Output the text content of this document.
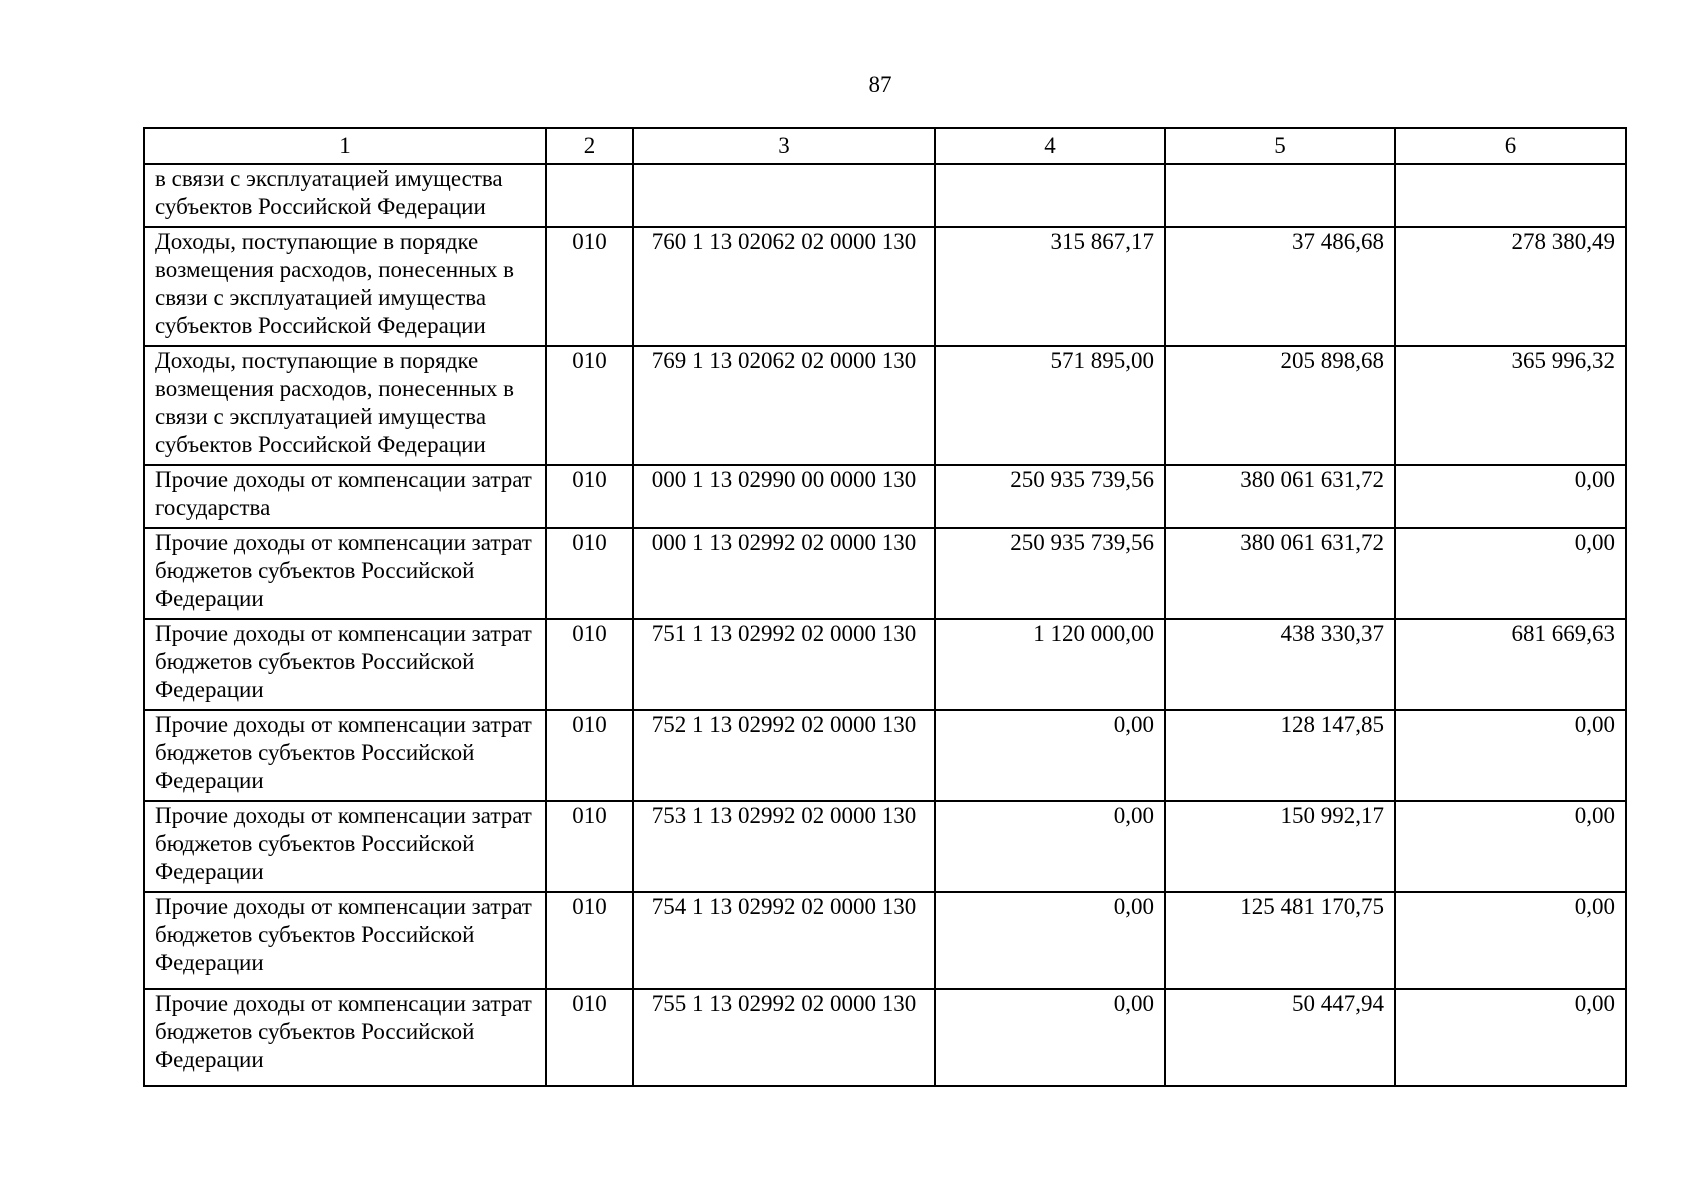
87
1	2	3	4	5	6
в связи с эксплуатацией имущества субъектов Российской Федерации					
Доходы, поступающие в порядке возмещения расходов, понесенных в связи с эксплуатацией имущества субъектов Российской Федерации	010	760 1 13 02062 02 0000 130	315 867,17	37 486,68	278 380,49
Доходы, поступающие в порядке возмещения расходов, понесенных в связи с эксплуатацией имущества субъектов Российской Федерации	010	769 1 13 02062 02 0000 130	571 895,00	205 898,68	365 996,32
Прочие доходы от компенсации затрат государства	010	000 1 13 02990 00 0000 130	250 935 739,56	380 061 631,72	0,00
Прочие доходы от компенсации затрат бюджетов субъектов Российской Федерации	010	000 1 13 02992 02 0000 130	250 935 739,56	380 061 631,72	0,00
Прочие доходы от компенсации затрат бюджетов субъектов Российской Федерации	010	751 1 13 02992 02 0000 130	1 120 000,00	438 330,37	681 669,63
Прочие доходы от компенсации затрат бюджетов субъектов Российской Федерации	010	752 1 13 02992 02 0000 130	0,00	128 147,85	0,00
Прочие доходы от компенсации затрат бюджетов субъектов Российской Федерации	010	753 1 13 02992 02 0000 130	0,00	150 992,17	0,00
Прочие доходы от компенсации затрат бюджетов субъектов Российской Федерации	010	754 1 13 02992 02 0000 130	0,00	125 481 170,75	0,00
Прочие доходы от компенсации затрат бюджетов субъектов Российской Федерации	010	755 1 13 02992 02 0000 130	0,00	50 447,94	0,00
